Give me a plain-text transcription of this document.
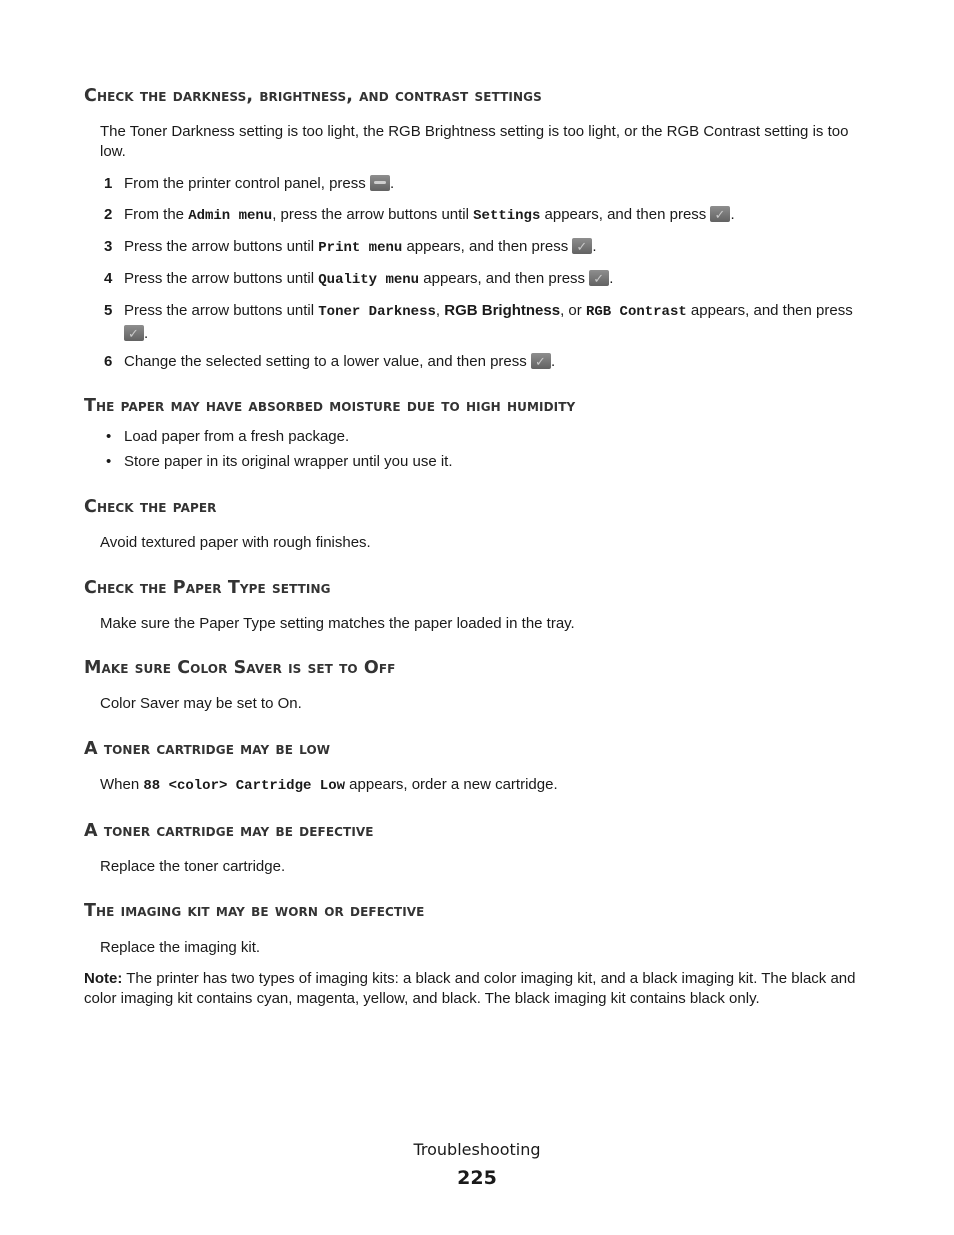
Check the darkness, brightness, and contrast settings

The Toner Darkness setting is too light, the RGB Brightness setting is too light, or the RGB Contrast setting is too low.

1 From the printer control panel, press .
2 From the Admin menu, press the arrow buttons until Settings appears, and then press ✓ .
3 Press the arrow buttons until Print menu appears, and then press ✓ .
4 Press the arrow buttons until Quality menu appears, and then press ✓ .
5 Press the arrow buttons until Toner Darkness, RGB Brightness, or RGB Contrast appears, and then press ✓.
6 Change the selected setting to a lower value, and then press ✓ .
The paper may have absorbed moisture due to high humidity
• Load paper from a fresh package.
• Store paper in its original wrapper until you use it.
Check the paper

Avoid textured paper with rough finishes.

Check the Paper Type setting

Make sure the Paper Type setting matches the paper loaded in the tray.

Make sure Color Saver is set to Off

Color Saver may be set to On.

A toner cartridge may be low

When 88 <color> Cartridge Low appears, order a new cartridge.

A toner cartridge may be defective

Replace the toner cartridge.

The imaging kit may be worn or defective

Replace the imaging kit.

Note: The printer has two types of imaging kits: a black and color imaging kit, and a black imaging kit. The black and color imaging kit contains cyan, magenta, yellow, and black. The black imaging kit contains black only.

Troubleshooting
225
